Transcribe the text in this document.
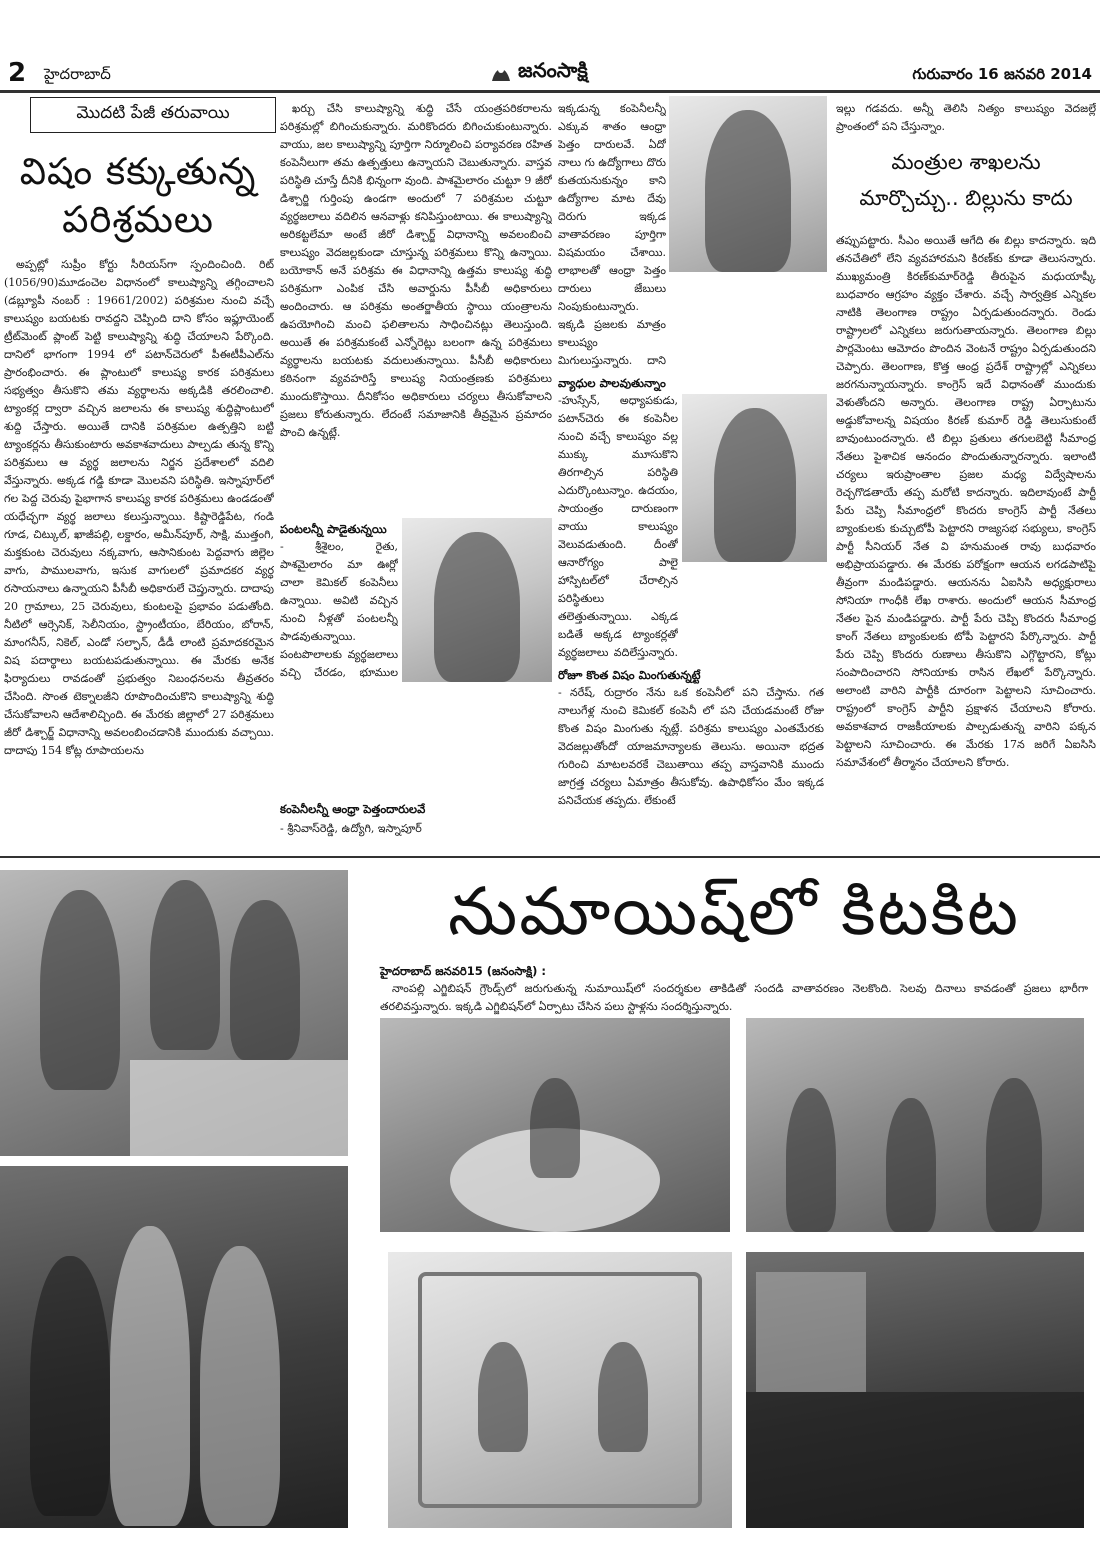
2	హైదరాబాద్	జనంసాక్షి	గురువారం 16 జనవరి 2014
మొదటి పేజీ తరువాయి
విషం కక్కుతున్న
పరిశ్రమలు

అప్పట్లో సుప్రీం కోర్టు సీరియస్‌గా స్పందించింది. రిట్ (1056/90)మూడంచెల విధానంలో కాలుష్యాన్ని తగ్గించాలని (డబ్ల్యూపీ నంబర్ : 19661/2002) పరిశ్రమల నుంచి వచ్చే కాలుష్యం బయటకు రావద్దని చెప్పింది దాని కోసం ఇఫ్లూయెంట్ ట్రీట్‌మెంట్ ప్లాంట్ పెట్టి కాలుష్యాన్ని శుద్ధి చేయాలని పేర్కొంది. దానిలో భాగంగా 1994 లో పటాన్‌చెరులో పీఈటీపీఎల్‌ను ప్రారంభించారు. ఈ ప్లాంటులో కాలుష్య కారక పరిశ్రమలు సభ్యత్వం తీసుకొని తమ వ్యర్థాలను అక్కడికి తరలించాలి. ట్యాంకర్ల ద్వారా వచ్చిన జలాలను ఈ కాలుష్య శుద్ధిప్లాంటులో శుద్ది చేస్తారు. అయితే దానికి పరిశ్రమల ఉత్పత్తిని బట్టి ట్యాంకర్లను తీసుకుంటారు అవకాశవాదులు పాల్పడు తున్న కొన్ని పరిశ్రమలు ఆ వ్యర్థ జలాలను నిర్జన ప్రదేశాలలో వదిలి వేస్తున్నారు. అక్కడ గడ్డి కూడా మొలవని పరిస్థితి. ఇస్నాపూర్‌లో గల పెద్ద చెరువు పైభాగాన కాలుష్య కారక పరిశ్రమలు ఉండడంతో యధేచ్ఛగా వ్యర్థ జలాలు కలుస్తున్నాయి. కిష్టారెడ్డిపేట, గండి గూడ, చిట్కుల్, ఖాజీపల్లి, లక్డారం, అమీన్‌పూర్, సాక్షి, ముత్తంగి, మక్తకుంట చెరువులు నక్కవాగు, ఆసానికుంట పెద్దవాగు జిల్లెల వాగు, పాములవాగు, ఇసుక వాగులలో ప్రమాదకర వ్యర్థ రసాయనాలు ఉన్నాయని పీసీబీ అధికారులే చెప్తున్నారు. దాదాపు 20 గ్రామాలు, 25 చెరువులు, కుంటలపై ప్రభావం పడుతోంది. నీటిలో ఆర్సెనిక్, సెలీనియం, స్ట్రాంటీయం, బేరియం, బోరాన్, మాంగనీస్, నికెల్, ఎండో సల్ఫాన్, డీడీ లాంటి ప్రమాదకరమైన విష పదార్థాలు బయటపడుతున్నాయి. ఈ మేరకు అనేక ఫిర్యాదులు రావడంతో ప్రభుత్వం నిబంధనలను తీవ్రతరం చేసింది. సొంత టెక్నాలజీని రూపొందించుకొని కాలుష్యాన్ని శుద్ధి చేసుకోవాలని ఆదేశాలిచ్చింది. ఈ మేరకు జిల్లాలో 27 పరిశ్రమలు జీరో డిశ్చార్జ్ విధానాన్ని అవలంబించడానికి ముందుకు వచ్చాయి. దాదాపు 154 కోట్ల రూపాయలను

ఖర్చు చేసి కాలుష్యాన్ని శుద్ధి చేసే యంత్రపరికరాలను పరిశ్రమల్లో బిగించుకున్నారు. మరికొందరు బిగించుకుంటున్నారు. వాయు, జల కాలుష్యాన్ని పూర్తిగా నిర్మూలించి పర్యావరణ రహిత కంపెనీలుగా తమ ఉత్పత్తులు ఉన్నాయని చెబుతున్నారు. వాస్తవ పరిస్థితి చూస్తే దీనికి భిన్నంగా వుంది. పాశమైలారం చుట్టూ 9 జీరో డిశ్చార్జి గుర్తింపు ఉండగా అందులో 7 పరిశ్రమల చుట్టూ వ్యర్థజలాలు వదిలిన ఆనవాళ్లు కనిపిస్తుంటాయి. ఈ కాలుష్యాన్ని అరికట్టలేమా అంటే జీరో డిశ్చార్జ్ విధానాన్ని అవలంబించి కాలుష్యం వెదజల్లకుండా చూస్తున్న పరిశ్రమలు కొన్ని ఉన్నాయి. బయోకాన్ అనే పరిశ్రమ ఈ విధానాన్ని ఉత్తమ కాలుష్య శుద్ధి పరిశ్రమగా ఎంపిక చేసి అవార్డును పీసీబీ అధికారులు అందించారు. ఆ పరిశ్రమ అంతర్జాతీయ స్థాయి యంత్రాలను ఉపయోగించి మంచి ఫలితాలను సాధించినట్లు తెలుస్తుంది. అయితే ఈ పరిశ్రమకంటే ఎన్నోరెట్లు బలంగా ఉన్న పరిశ్రమలు వ్యర్థాలను బయటకు వదులుతున్నాయి. పీసీబీ అధికారులు కఠినంగా వ్యవహరిస్తే కాలుష్య నియంత్రణకు పరిశ్రమలు ముందుకొస్తాయి. దీనికోసం అధికారులు చర్యలు తీసుకోవాలని ప్రజలు కోరుతున్నారు. లేదంటే సమాజానికి తీవ్రమైన ప్రమాదం పొంచి ఉన్నట్లే.

పంటలన్నీ పాడైతున్నయి

- శ్రీశైలం, రైతు, పాశమైలారం మా ఊర్లో చాలా కెమికల్ కంపెనీలు ఉన్నాయి. అవిటి వచ్చిన నుంచి నీళ్లతో పంటలన్నీ పాడవుతున్నాయి. పంటపొలాలకు వ్యర్థజలాలు వచ్చి చేరడం, భూముల

కంపెనీలన్నీ ఆంధ్రా పెత్తందారులవే
- శ్రీనివాస్‌రెడ్డి, ఉద్యోగి, ఇస్నాపూర్

ఇక్కడున్న కంపెనీలన్నీ ఎక్కువ శాతం ఆంధ్రా పెత్తం దారులవే. ఏదో నాలు గు ఉద్యోగాలు దొరు కుతయనుకున్నం కాని ఉద్యోగాల మాట దేవు దెరుగు ఇక్కడ వాతావరణం పూర్తిగా విషమయం చేశాయి. లాభాలతో ఆంధ్రా పెత్తం దారులు జేబులు నింపుకుంటున్నారు. ఇక్కడి ప్రజలకు మాత్రం కాలుష్యం మిగులుస్తున్నారు. దాని

వ్యాధుల పాలవుతున్నాం

-హుస్సేన్, అధ్యాపకుడు, పటాన్‌చెరు ఈ కంపెనీల నుంచి వచ్చే కాలుష్యం వల్ల ముక్కు మూసుకొని తిరగాల్సిన పరిస్థితి ఎదుర్కొంటున్నాం. ఉదయం, సాయంత్రం దారుణంగా వాయు కాలుష్యం వెలువడుతుంది. దీంతో ఆనారోగ్యం పాలై హాస్పిటల్‌లో చేరాల్సిన పరిస్థితులు తలెత్తుతున్నాయి. ఎక్కడ బడితే అక్కడ ట్యాంకర్లతో వ్యర్థజలాలు వదిలేస్తున్నారు.

రోజూ కొంత విషం మింగుతున్నట్టే

- నరేష్, రుద్రారం నేను ఒక కంపెనీలో పని చేస్తాను. గత నాలుగేళ్ల నుంచి కెమికల్ కంపెనీ లో పని చేయడమంటే రోజు కొంత విషం మింగుతు న్నట్లే. పరిశ్రమ కాలుష్యం ఎంతమేరకు వెదజల్లుతోందో యాజమాన్యాలకు తెలుసు. అయినా భద్రత గురించి మాటలవరకే చెబుతాయి తప్ప వాస్తవానికి ముందు జాగ్రత్త చర్యలు ఏమాత్రం తీసుకోవు. ఉపాధికోసం మేం ఇక్కడ పనిచేయక తప్పదు. లేకుంటే

ఇల్లు గడవదు. అన్నీ తెలిసి నిత్యం కాలుష్యం వెదజల్లే ప్రాంతంలో పని చేస్తున్నాం.

మంత్రుల శాఖలను
మార్చొచ్చు.. బిల్లును కాదు

తప్పుపట్టారు. సీఎం అయితే ఆగేది ఈ బిల్లు కాదన్నారు. ఇది తనచేతిలో లేని వ్యవహారమని కిరణ్‌కు కూడా తెలుసన్నారు. ముఖ్యమంత్రి కిరణ్‌కుమార్‌రెడ్డి తీరుపైన మధుయాష్కీ బుధవారం ఆగ్రహం వ్యక్తం చేశారు. వచ్చే సార్వత్రిక ఎన్నికల నాటికి తెలంగాణ రాష్ట్రం ఏర్పడుతుందన్నారు. రెండు రాష్ట్రాలలో ఎన్నికలు జరుగుతాయన్నారు. తెలంగాణ బిల్లు పార్లమెంటు ఆమోదం పొందిన వెంటనే రాష్ట్రం ఏర్పడుతుందని చెప్పారు. తెలంగాణ, కొత్త ఆంధ్ర ప్రదేశ్ రాష్ట్రాల్లో ఎన్నికలు జరగనున్నాయన్నారు. కాంగ్రెస్ ఇదే విధానంతో ముందుకు వెళుతోందని అన్నారు. తెలంగాణ రాష్ట్ర ఏర్పాటును అడ్డుకోవాలన్న విషయం కిరణ్ కుమార్ రెడ్డి తెలుసుకుంటే బావుంటుందన్నారు. టి బిల్లు ప్రతులు తగులబెట్టి సీమాంధ్ర నేతలు పైశాచిక ఆనందం పొందుతున్నారన్నారు. ఇలాంటి చర్యలు ఇరుప్రాంతాల ప్రజల మధ్య విద్వేషాలను రెచ్చగొడతాయే తప్ప మరోటి కాదన్నారు. ఇదిలావుంటే పార్టీ పేరు చెప్పి సీమాంధ్రలో కొందరు కాంగ్రెస్ పార్టీ నేతలు బ్యాంకులకు కుచ్చుటోపీ పెట్టారని రాజ్యసభ సభ్యులు, కాంగ్రెస్ పార్టీ సీనియర్ నేత వి హనుమంత రావు బుధవారం అభిప్రాయపడ్డారు. ఈ మేరకు పరోక్షంగా ఆయన లగడపాటిపై తీవ్రంగా మండిపడ్డారు. ఆయనను ఏఐసిసి అధ్యక్షురాలు సోనియా గాంధీకి లేఖ రాశారు. అందులో ఆయన సీమాంధ్ర నేతల పైన మండిపడ్డారు. పార్టీ పేరు చెప్పి కొందరు సీమాంధ్ర కాంగ్ నేతలు బ్యాంకులకు టోపీ పెట్టారని పేర్కొన్నారు. పార్టీ పేరు చెప్పి కొందరు రుణాలు తీసుకొని ఎగ్గొట్టారని, కోట్లు సంపాదించారని సోనియాకు రాసిన లేఖలో పేర్కొన్నారు. అలాంటి వారిని పార్టీకి దూరంగా పెట్టాలని సూచించారు. రాష్ట్రంలో కాంగ్రెస్ పార్టీని ప్రక్షాళన చేయాలని కోరారు. అవకాశవాద రాజకీయాలకు పాల్పడుతున్న వారిని పక్కన పెట్టాలని సూచించారు. ఈ మేరకు 17న జరిగే ఏఐసిసి సమావేశంలో తీర్మానం చేయాలని కోరారు.

నుమాయిష్‌లో కిటకిట
హైదరాబాద్ జనవరి15 (జనంసాక్షి) :

నాంపల్లి ఎగ్జిబిషన్ గ్రౌండ్స్‌లో జరుగుతున్న నుమాయిష్‌లో సందర్శకుల తాకిడితో సందడి వాతావరణం నెలకొంది. సెలవు దినాలు కావడంతో ప్రజలు భారీగా తరలివస్తున్నారు. ఇక్కడి ఎగ్జిబిషన్‌లో ఏర్పాటు చేసిన పలు స్టాళ్లను సందర్శిస్తున్నారు.
